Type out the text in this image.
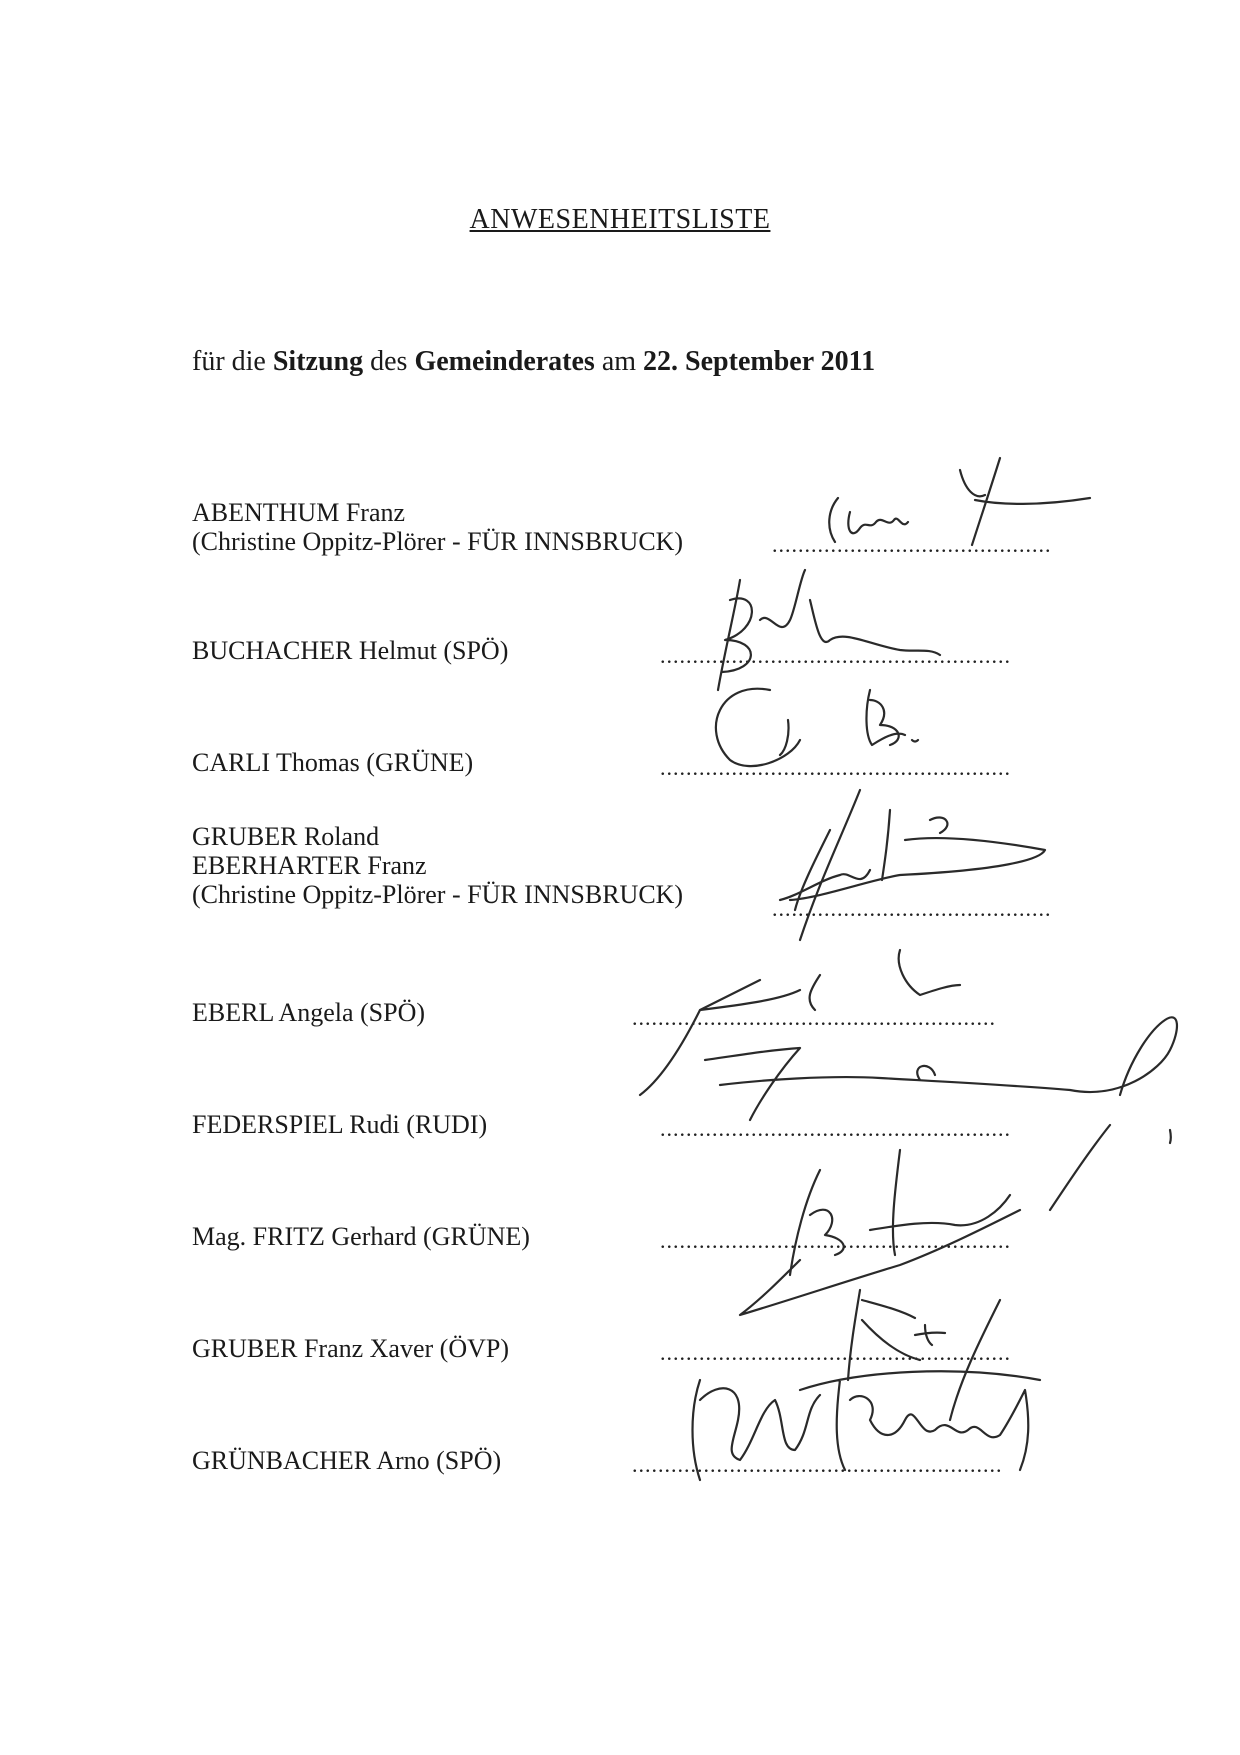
ANWESENHEITSLISTE
für die Sitzung des Gemeinderates am 22. September 2011
ABENTHUM Franz
(Christine Oppitz-Plörer - FÜR INNSBRUCK)	...........................................
BUCHACHER Helmut (SPÖ)	......................................................
CARLI Thomas (GRÜNE)	......................................................
GRUBER Roland
EBERHARTER Franz
(Christine Oppitz-Plörer - FÜR INNSBRUCK)	...........................................
EBERL Angela (SPÖ)	........................................................
FEDERSPIEL Rudi (RUDI)	......................................................
Mag. FRITZ Gerhard (GRÜNE)	......................................................
GRUBER Franz Xaver (ÖVP)	......................................................
GRÜNBACHER Arno (SPÖ)	.........................................................
